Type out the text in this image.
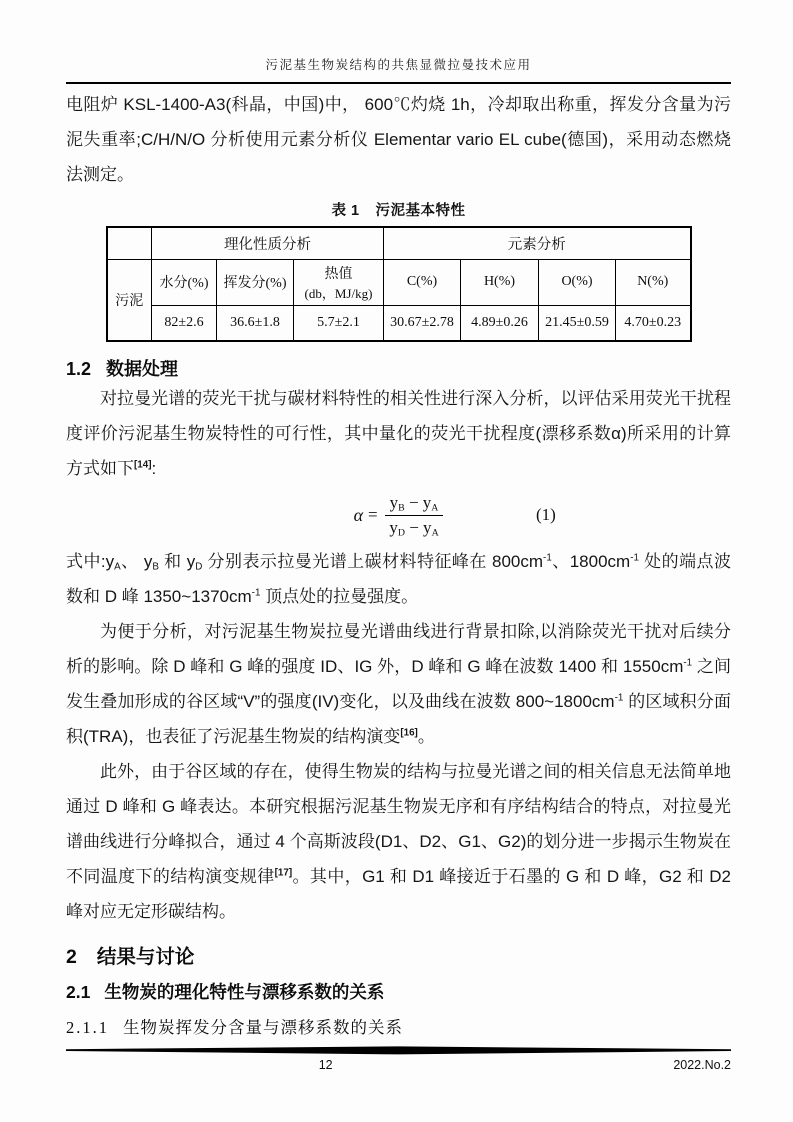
污泥基生物炭结构的共焦显微拉曼技术应用

电阻炉 KSL-1400-A3(科晶，中国)中， 600℃灼烧 1h，冷却取出称重，挥发分含量为污泥失重率;C/H/N/O 分析使用元素分析仪 Elementar vario EL cube(德国)，采用动态燃烧法测定。

表 1 污泥基本特性
	理化性质分析			元素分析			
污泥	水分(%)	挥发分(%)	热值
(db，MJ/kg)	C(%)	H(%)	O(%)	N(%)
	82±2.6	36.6±1.8	5.7±2.1	30.67±2.78	4.89±0.26	21.45±0.59	4.70±0.23
1.2 数据处理

对拉曼光谱的荧光干扰与碳材料特性的相关性进行深入分析，以评估采用荧光干扰程度评价污泥基生物炭特性的可行性，其中量化的荧光干扰程度(漂移系数α)所采用的计算方式如下[14]:

$\alpha = \frac{y_B - y_A}{y_D - y_A}$	(1)

式中$:y_A$、 $y_B$ 和 $y_D$ 分别表示拉曼光谱上碳材料特征峰在 $800cm^{-1}$、$1800cm^{-1}$ 处的端点波数和 D 峰 $1350\sim 1370cm^{-1}$ 顶点处的拉曼强度。

为便于分析，对污泥基生物炭拉曼光谱曲线进行背景扣除,以消除荧光干扰对后续分析的影响。除 D 峰和 G 峰的强度 ID、IG 外，D 峰和 G 峰在波数 1400 和 $1550cm^{-1}$ 之间发生叠加形成的谷区域“V”的强度(IV)变化，以及曲线在波数 $800\sim 1800cm^{-1}$ 的区域积分面积(TRA)，也表征了污泥基生物炭的结构演变[16]。

此外，由于谷区域的存在，使得生物炭的结构与拉曼光谱之间的相关信息无法简单地通过 D 峰和 G 峰表达。本研究根据污泥基生物炭无序和有序结构结合的特点，对拉曼光谱曲线进行分峰拟合，通过 4 个高斯波段(D1、D2、G1、G2)的划分进一步揭示生物炭在不同温度下的结构演变规律[17]。其中，G1 和 D1 峰接近于石墨的 G 和 D 峰，G2 和 D2 峰对应无定形碳结构。

2 结果与讨论
2.1 生物炭的理化特性与漂移系数的关系
2.1.1 生物炭挥发分含量与漂移系数的关系
12	2022.No.2
